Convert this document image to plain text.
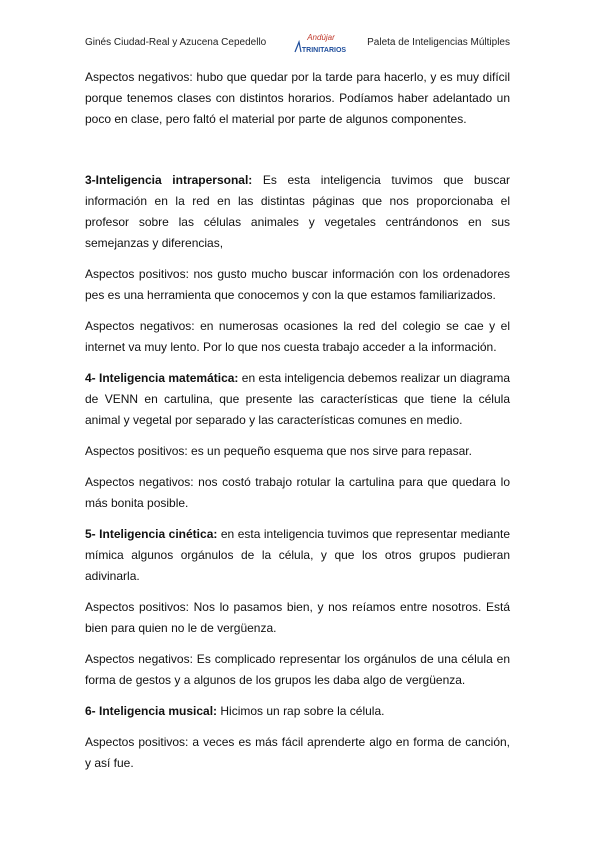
Ginés Ciudad-Real y Azucena Cepedello	Andújar
TRINITARIOS
Paleta de Inteligencias Múltiples

Aspectos negativos: hubo que quedar por la tarde para hacerlo, y es muy difícil porque tenemos clases con distintos horarios. Podíamos haber adelantado un poco en clase, pero faltó el material por parte de algunos componentes.

3-Inteligencia intrapersonal: Es esta inteligencia tuvimos que buscar información en la red en las distintas páginas que nos proporcionaba el profesor sobre las células animales y vegetales centrándonos en sus semejanzas y diferencias,

Aspectos positivos: nos gusto mucho buscar información con los ordenadores pes es una herramienta que conocemos y con la que estamos familiarizados.

Aspectos negativos: en numerosas ocasiones la red del colegio se cae y el internet va muy lento. Por lo que nos cuesta trabajo acceder a la información.

4- Inteligencia matemática: en esta inteligencia debemos realizar un diagrama de VENN en cartulina, que presente las características que tiene la célula animal y vegetal por separado y las características comunes en medio.

Aspectos positivos: es un pequeño esquema que nos sirve para repasar.

Aspectos negativos: nos costó trabajo rotular la cartulina para que quedara lo más bonita posible.

5- Inteligencia cinética: en esta inteligencia tuvimos que representar mediante mímica algunos orgánulos de la célula, y que los otros grupos pudieran adivinarla.

Aspectos positivos: Nos lo pasamos bien, y nos reíamos entre nosotros. Está bien para quien no le de vergüenza.

Aspectos negativos: Es complicado representar los orgánulos de una célula en forma de gestos y a algunos de los grupos les daba algo de vergüenza.

6- Inteligencia musical: Hicimos un rap sobre la célula.

Aspectos positivos: a veces es más fácil aprenderte algo en forma de canción, y así fue.
